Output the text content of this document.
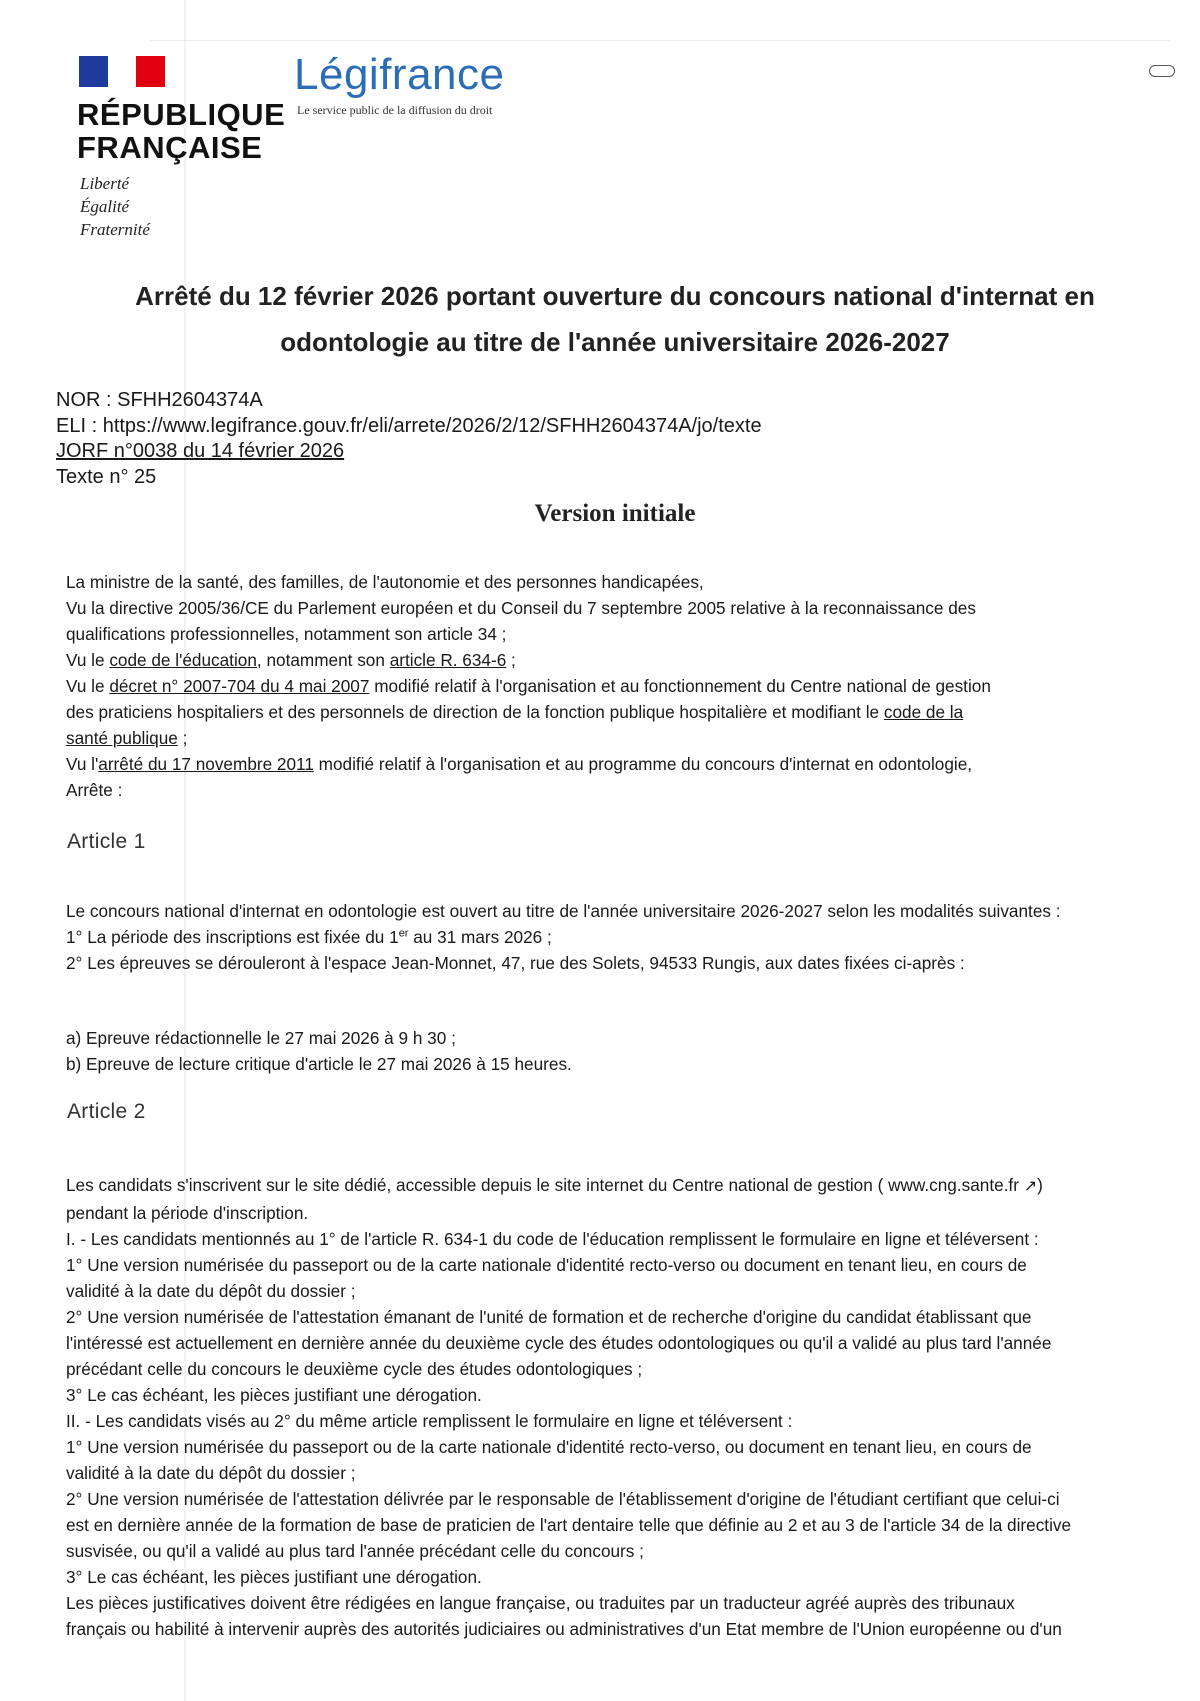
RÉPUBLIQUE
FRANÇAISE
Liberté
Égalité
Fraternité
Légifrance
Le service public de la diffusion du droit
Arrêté du 12 février 2026 portant ouverture du concours national d'internat en
odontologie au titre de l'année universitaire 2026-2027
NOR : SFHH2604374A
ELI : https://www.legifrance.gouv.fr/eli/arrete/2026/2/12/SFHH2604374A/jo/texte
JORF n°0038 du 14 février 2026
Texte n° 25
Version initiale
La ministre de la santé, des familles, de l'autonomie et des personnes handicapées,
Vu la directive 2005/36/CE du Parlement européen et du Conseil du 7 septembre 2005 relative à la reconnaissance des
qualifications professionnelles, notamment son article 34 ;
Vu le code de l'éducation, notamment son article R. 634-6 ;
Vu le décret n° 2007-704 du 4 mai 2007 modifié relatif à l'organisation et au fonctionnement du Centre national de gestion
des praticiens hospitaliers et des personnels de direction de la fonction publique hospitalière et modifiant le code de la
santé publique ;
Vu l'arrêté du 17 novembre 2011 modifié relatif à l'organisation et au programme du concours d'internat en odontologie,
Arrête :
Article 1
Le concours national d'internat en odontologie est ouvert au titre de l'année universitaire 2026-2027 selon les modalités suivantes :
1° La période des inscriptions est fixée du 1er au 31 mars 2026 ;
2° Les épreuves se dérouleront à l'espace Jean-Monnet, 47, rue des Solets, 94533 Rungis, aux dates fixées ci-après :
a) Epreuve rédactionnelle le 27 mai 2026 à 9 h 30 ;
b) Epreuve de lecture critique d'article le 27 mai 2026 à 15 heures.
Article 2
Les candidats s'inscrivent sur le site dédié, accessible depuis le site internet du Centre national de gestion ( www.cng.sante.fr ↗)
pendant la période d'inscription.
I. - Les candidats mentionnés au 1° de l'article R. 634-1 du code de l'éducation remplissent le formulaire en ligne et téléversent :
1° Une version numérisée du passeport ou de la carte nationale d'identité recto-verso ou document en tenant lieu, en cours de
validité à la date du dépôt du dossier ;
2° Une version numérisée de l'attestation émanant de l'unité de formation et de recherche d'origine du candidat établissant que
l'intéressé est actuellement en dernière année du deuxième cycle des études odontologiques ou qu'il a validé au plus tard l'année
précédant celle du concours le deuxième cycle des études odontologiques ;
3° Le cas échéant, les pièces justifiant une dérogation.
II. - Les candidats visés au 2° du même article remplissent le formulaire en ligne et téléversent :
1° Une version numérisée du passeport ou de la carte nationale d'identité recto-verso, ou document en tenant lieu, en cours de
validité à la date du dépôt du dossier ;
2° Une version numérisée de l'attestation délivrée par le responsable de l'établissement d'origine de l'étudiant certifiant que celui-ci
est en dernière année de la formation de base de praticien de l'art dentaire telle que définie au 2 et au 3 de l'article 34 de la directive
susvisée, ou qu'il a validé au plus tard l'année précédant celle du concours ;
3° Le cas échéant, les pièces justifiant une dérogation.
Les pièces justificatives doivent être rédigées en langue française, ou traduites par un traducteur agréé auprès des tribunaux
français ou habilité à intervenir auprès des autorités judiciaires ou administratives d'un Etat membre de l'Union européenne ou d'un
